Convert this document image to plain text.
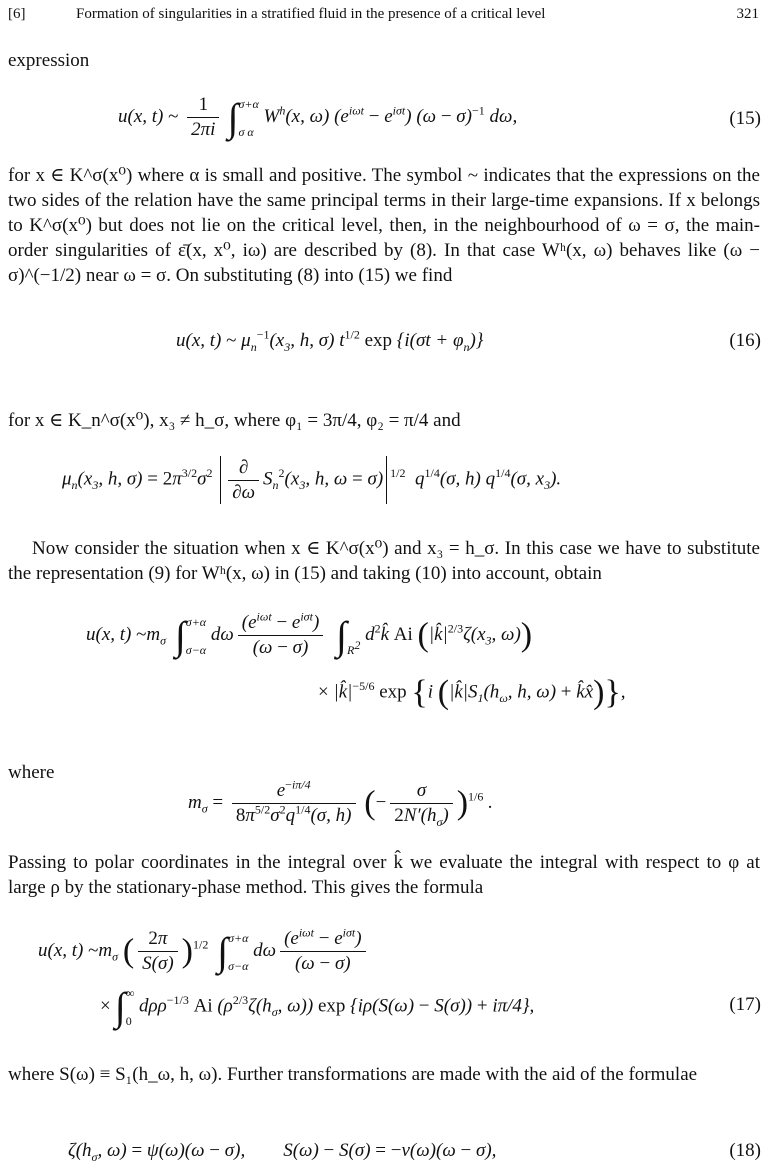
[6]	Formation of singularities in a stratified fluid in the presence of a critical level	321
expression
u(x, t) ~ $\frac{1}{2\pi i}$ ∫ σ+α
σ α
$W^h(x$, ω) $(e^{i\omega t} - e^{i\sigma t}) (\omega - \sigma)^{-1}$ dω,	(15)
for x ∈ K^σ(x⁰) where α is small and positive. The symbol ~ indicates that the expressions on the two sides of the relation have the same principal terms in their large-time expansions. If x belongs to K^σ(x⁰) but does not lie on the critical level, then, in the neighbourhood of ω = σ, the main-order singularities of ε̄(x, x⁰, iω) are described by (8). In that case Wʰ(x, ω) behaves like (ω − σ)^(−1/2) near ω = σ. On substituting (8) into (15) we find
u(x, t) ~ $\mu_n^{-1}(x_3$, h, σ) $t^{1/2}$ $\exp \{i(\sigma t + \varphi_n)\}$	(16)
for x ∈ K_n^σ(x⁰), x₃ ≠ h_σ, where φ₁ = 3π/4, φ₂ = π/4 and
$\mu_n(x_3$, h, $\sigma) = 2\pi^{3/2}\sigma^2 \frac{\partial}{\partial\omega} S_n^2(x_3$, h, ω = σ) $^{1/2}$  $q^{1/4}(\sigma$, h) $q^{1/4}(\sigma$, $x_3$).
Now consider the situation when x ∈ K^σ(x⁰) and x₃ = h_σ. In this case we have to substitute the representation (9) for Wʰ(x, ω) in (15) and taking (10) into account, obtain
u(x, t) $\sim m_\sigma$ ∫ σ+α
σ−α
dω $\frac{(e^{i\omega t} - e^{i\sigma t})}{(\omega - \sigma)}$ ∫
$R^2$ $d^2k̂$ Ai ($|k̂|^{2/3}\zeta(x_3$, ω))
× $|k̂|^{-5/6}$ exp {i ($|k̂|S_1(h_\omega$, h, ω) + k̂x̂)},
where
$m_\sigma = \frac{e^{-i\pi/4}}{8\pi^{5/2}\sigma^2q^{1/4}(\sigma, h)}$ (− $\frac{\sigma}{2N'(h_\sigma)} )^{1/6}$ .
Passing to polar coordinates in the integral over k̂ we evaluate the integral with respect to φ at large ρ by the stationary-phase method. This gives the formula
u(x, t) $\sim m_\sigma$ ( $\frac{2\pi}{S(\sigma)} )^{1/2}$ ∫ σ+α
σ−α
dω $\frac{(e^{i\omega t} - e^{i\sigma t})}{(\omega - \sigma)}$
× ∫ ∞
0
dρρ$^{-1/3}$ Ai ($\rho^{2/3}\zeta(h_\sigma$, ω)) exp {iρ(S(ω) − S(σ)) + iπ/4},	(17)
where S(ω) ≡ S₁(h_ω, h, ω). Further transformations are made with the aid of the formulae
$\zeta(h_\sigma$, ω) = ψ(ω)(ω − σ),        S(ω) − S(σ) = −ν(ω)(ω − σ),	(18)
